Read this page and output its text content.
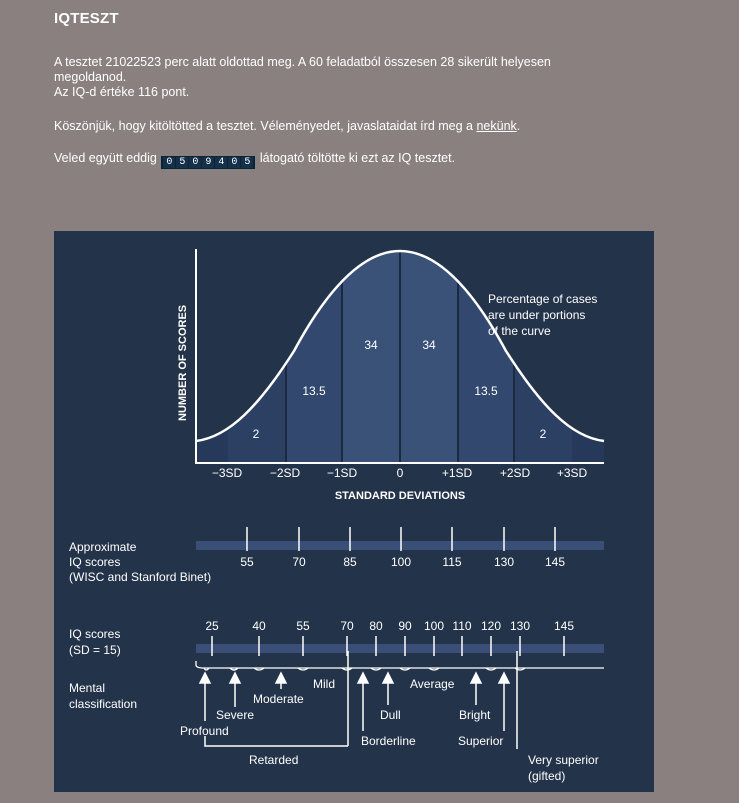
IQTESZT
A tesztet 21022523 perc alatt oldottad meg. A 60 feladatból összesen 28 sikerült helyesen megoldanod.
Az IQ-d értéke 116 pont.
Köszönjük, hogy kitöltötted a tesztet. Véleményedet, javaslataidat írd meg a nekünk.
Veled együtt eddig 0 5 0 9 4 0 5 látogató töltötte ki ezt az IQ tesztet.
NUMBER OF SCORES
2
13.5
34	34
13.5
2
Percentage of cases
are under portions
of the curve
−3SD −2SD −1SD	0	+1SD +2SD +3SD
STANDARD DEVIATIONS
Approximate
IQ scores
(WISC and Stanford Binet)
55	70	85	100	115	130	145
IQ scores
(SD = 15)
25	40	55	70 80 90 100 110 120 130 145
Mental
classification
Mild	Average
Moderate
Severe	Dull	Bright
Profound
Borderline	Superior
Retarded	Very superior
(gifted)
